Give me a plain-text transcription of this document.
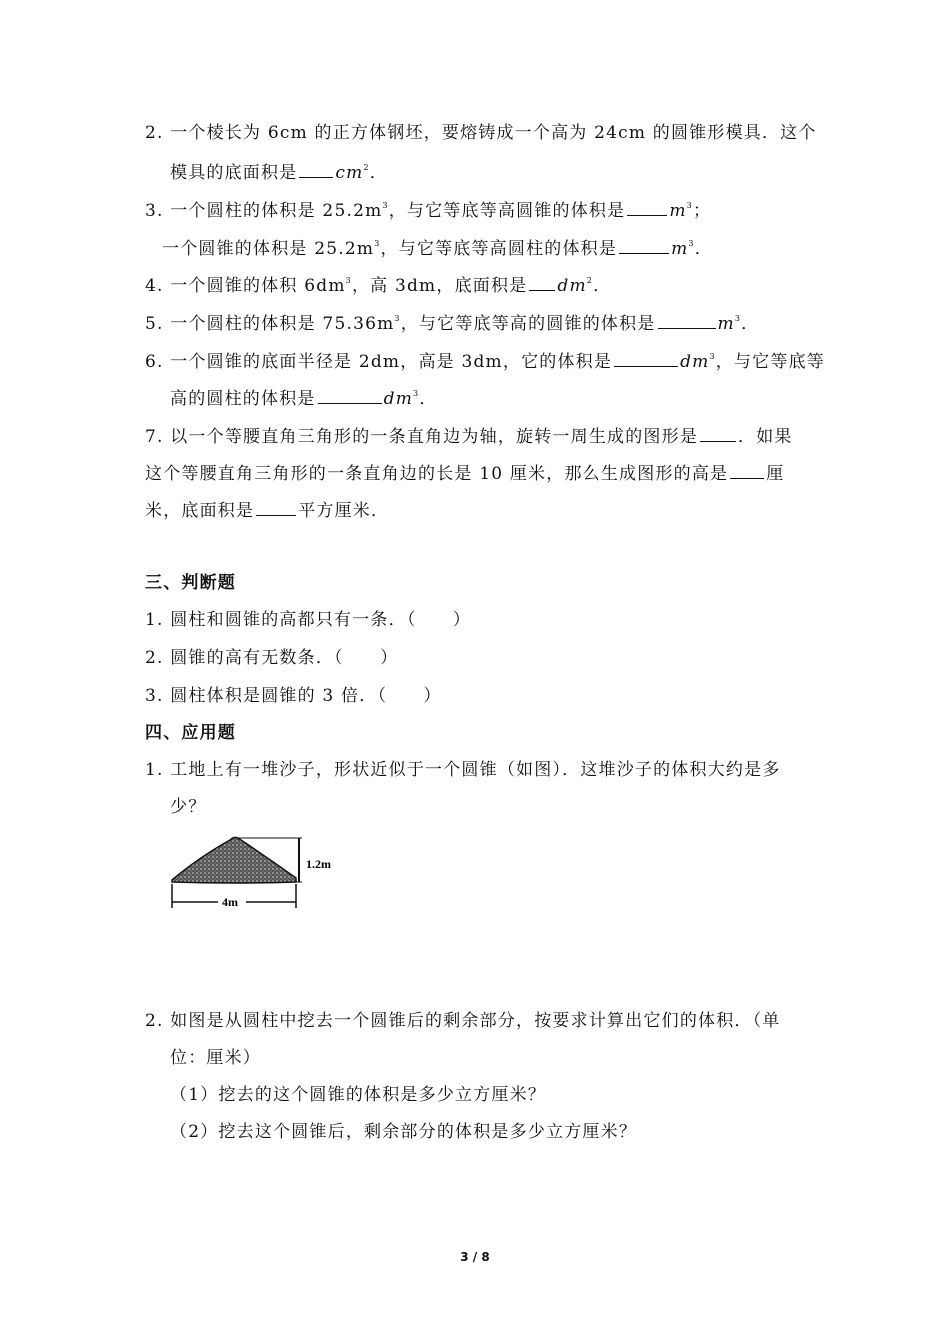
2. 一个棱长为 6cm 的正方体钢坯，要熔铸成一个高为 24cm 的圆锥形模具．这个
模具的底面积是 $cm^2$．
3. 一个圆柱的体积是 $25.2m^3$，与它等底等高圆锥的体积是	$m^3$；
一个圆锥的体积是 $25.2m^3$，与它等底等高圆柱的体积是	$m^3$．
4. 一个圆锥的体积 $6dm^3$，高 3dm，底面积是 $dm^2$．
5. 一个圆柱的体积是 $75.36m^3$，与它等底等高的圆锥的体积是	$m^3$．
6. 一个圆锥的底面半径是 2dm，高是 3dm，它的体积是	$dm^3$，与它等底等
高的圆柱的体积是	$dm^3$．
7. 以一个等腰直角三角形的一条直角边为轴，旋转一周生成的图形是 ．如果
这个等腰直角三角形的一条直角边的长是 10 厘米，那么生成图形的高是 厘
米，底面积是	平方厘米．
三、判断题
1. 圆柱和圆锥的高都只有一条．（　　）
2. 圆锥的高有无数条．（　　）
3. 圆柱体积是圆锥的 3 倍．（　　）
四、应用题
1. 工地上有一堆沙子，形状近似于一个圆锥（如图）．这堆沙子的体积大约是多
少？
1.2m
4m
2. 如图是从圆柱中挖去一个圆锥后的剩余部分，按要求计算出它们的体积．（单
位：厘米）
（1）挖去的这个圆锥的体积是多少立方厘米？
（2）挖去这个圆锥后，剩余部分的体积是多少立方厘米？
3 / 8
